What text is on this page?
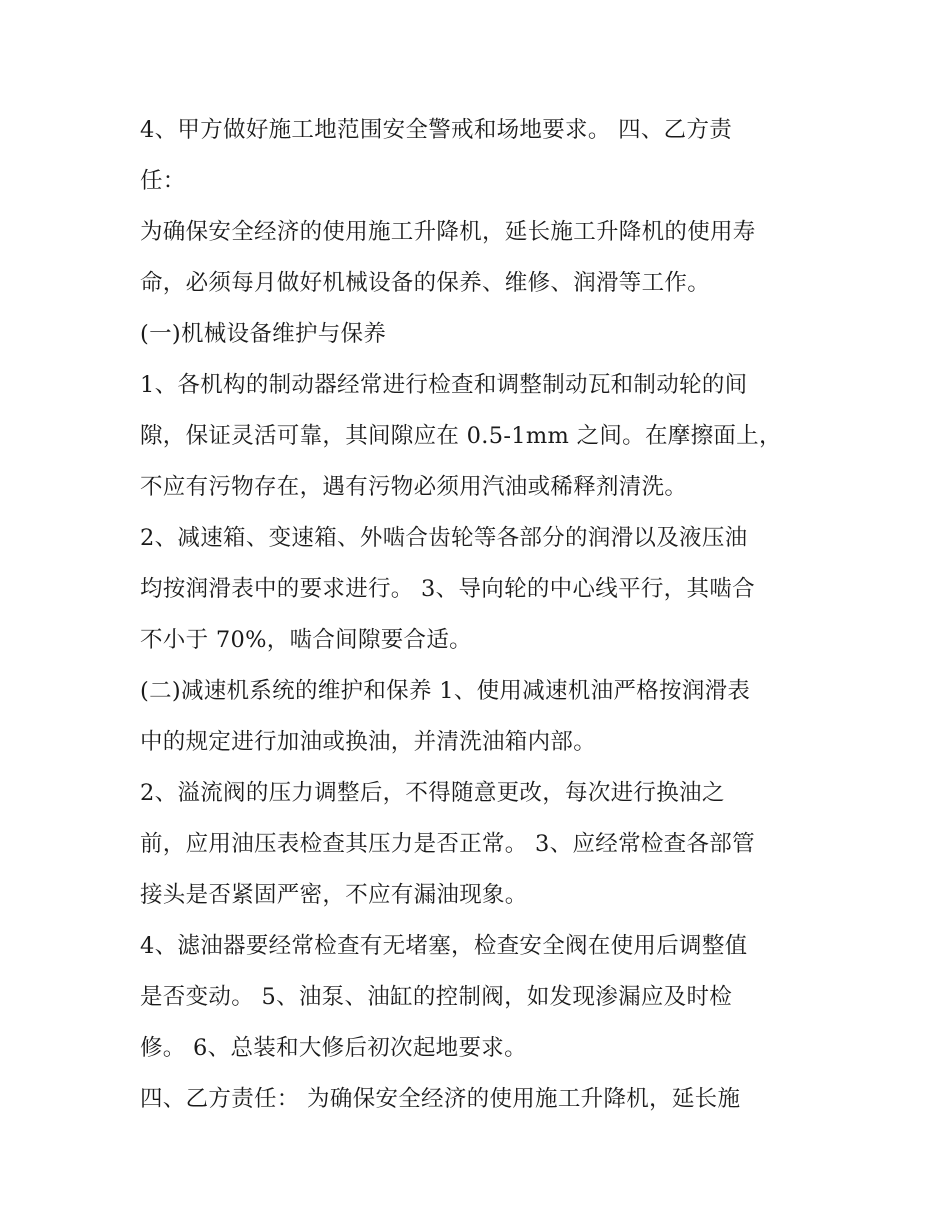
4、甲方做好施工地范围安全警戒和场地要求。 四、乙方责

任：

为确保安全经济的使用施工升降机，延长施工升降机的使用寿

命，必须每月做好机械设备的保养、维修、润滑等工作。

(一)机械设备维护与保养

1、各机构的制动器经常进行检查和调整制动瓦和制动轮的间

隙，保证灵活可靠，其间隙应在 0.5-1mm 之间。在摩擦面上，

不应有污物存在，遇有污物必须用汽油或稀释剂清洗。

2、减速箱、变速箱、外啮合齿轮等各部分的润滑以及液压油

均按润滑表中的要求进行。 3、导向轮的中心线平行，其啮合

不小于 70%，啮合间隙要合适。

(二)减速机系统的维护和保养 1、使用减速机油严格按润滑表

中的规定进行加油或换油，并清洗油箱内部。

2、溢流阀的压力调整后，不得随意更改，每次进行换油之

前，应用油压表检查其压力是否正常。 3、应经常检查各部管

接头是否紧固严密，不应有漏油现象。

4、滤油器要经常检查有无堵塞，检查安全阀在使用后调整值

是否变动。 5、油泵、油缸的控制阀，如发现渗漏应及时检

修。 6、总装和大修后初次起地要求。

四、乙方责任： 为确保安全经济的使用施工升降机，延长施
